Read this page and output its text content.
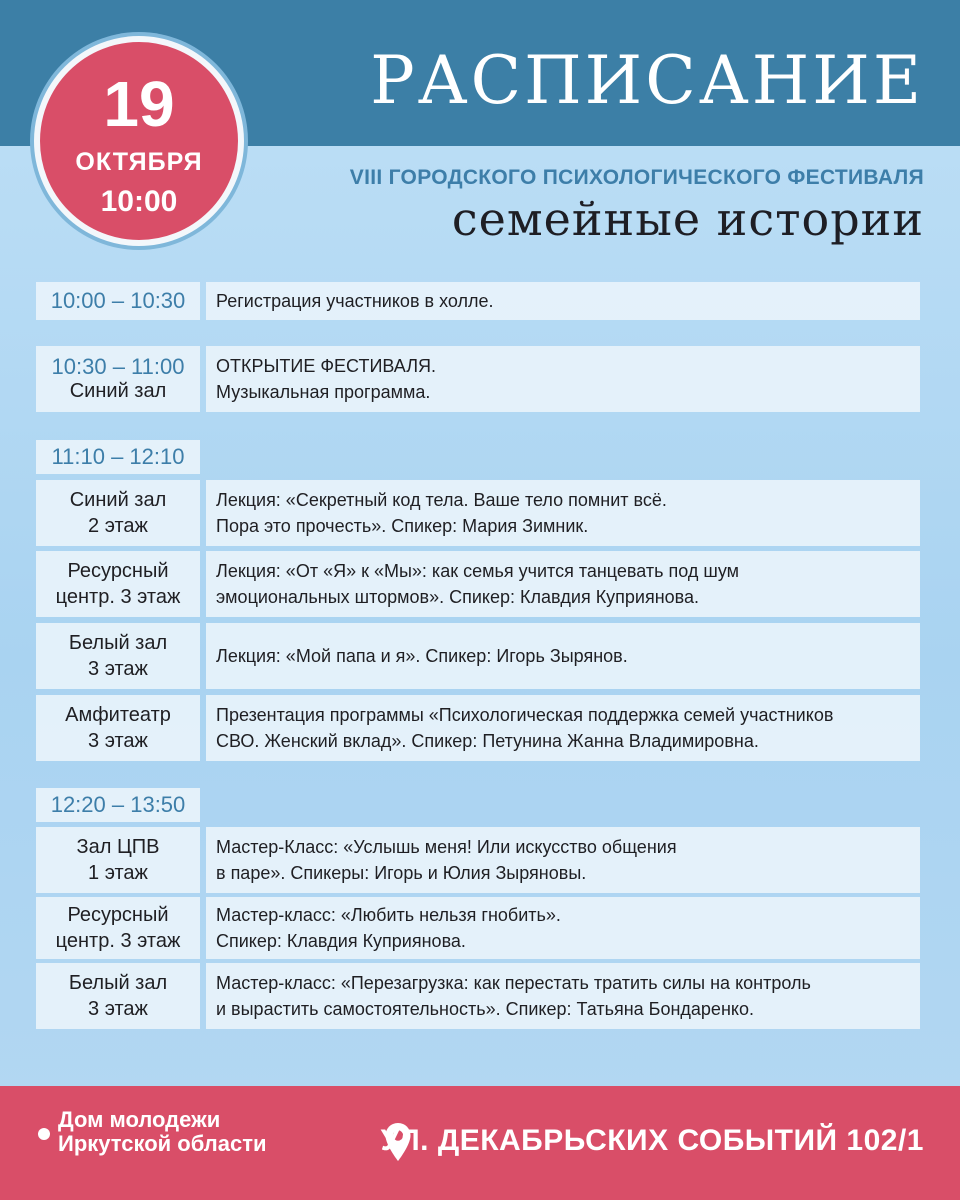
РАСПИСАНИЕ
19
ОКТЯБРЯ
10:00
VIII ГОРОДСКОГО ПСИХОЛОГИЧЕСКОГО ФЕСТИВАЛЯ
семейные истории
10:00 – 10:30 Регистрация участников в холле.
10:30 – 11:00
Синий зал
ОТКРЫТИЕ ФЕСТИВАЛЯ.
Музыкальная программа.
11:10 – 12:10
Синий зал
2 этаж
Лекция: «Секретный код тела. Ваше тело помнит всё.
Пора это прочесть». Спикер: Мария Зимник.
Ресурсный
центр. 3 этаж
Лекция: «От «Я» к «Мы»: как семья учится танцевать под шум
эмоциональных штормов». Спикер: Клавдия Куприянова.
Белый зал
3 этаж
Лекция: «Мой папа и я». Спикер: Игорь Зырянов.
Амфитеатр
3 этаж
Презентация программы «Психологическая поддержка семей участников
СВО. Женский вклад». Спикер: Петунина Жанна Владимировна.
12:20 – 13:50
Зал ЦПВ
1 этаж
Мастер-Класс: «Услышь меня! Или искусство общения
в паре». Спикеры: Игорь и Юлия Зыряновы.
Ресурсный
центр. 3 этаж
Мастер-класс: «Любить нельзя гнобить».
Спикер: Клавдия Куприянова.
Белый зал
3 этаж
Мастер-класс: «Перезагрузка: как перестать тратить силы на контроль
и вырастить самостоятельность». Спикер: Татьяна Бондаренко.
Дом молодежи
Иркутской области	УЛ. ДЕКАБРЬСКИХ СОБЫТИЙ 102/1
